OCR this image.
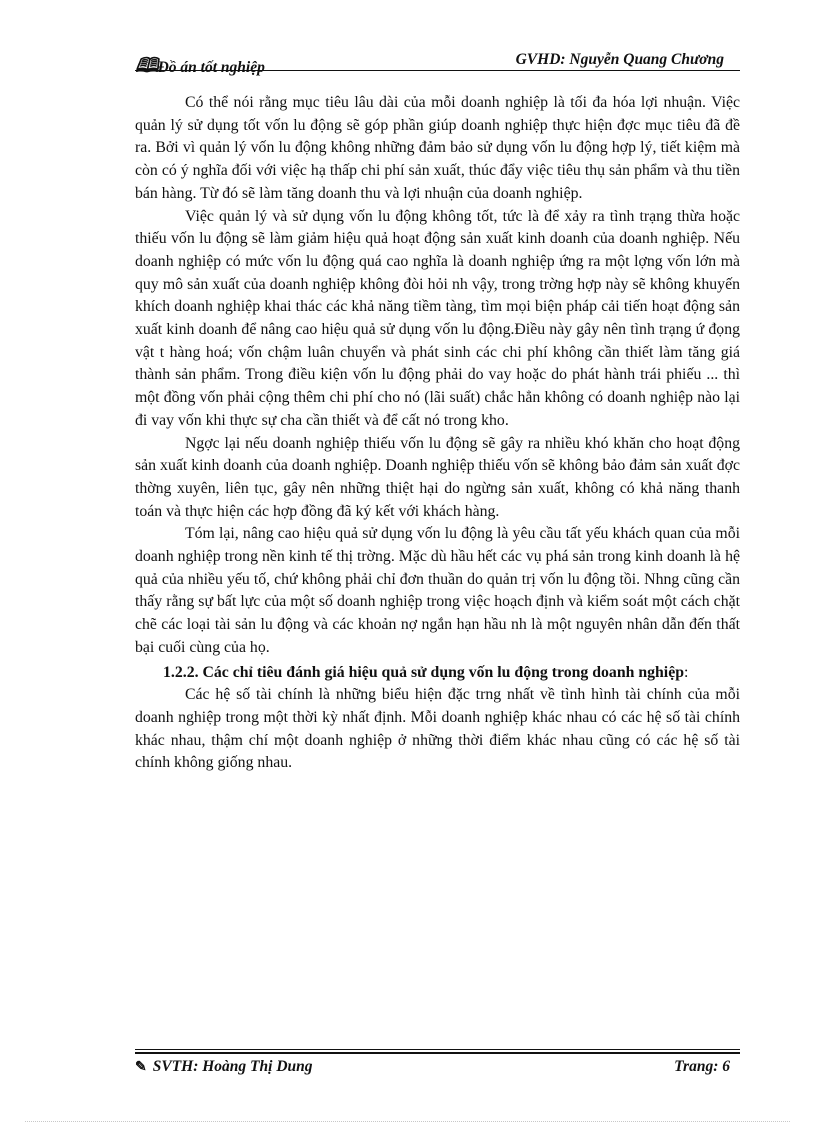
🕮Đồ án tốt nghiệp	GVHD: Nguyễn Quang Chương

Có thể nói rằng mục tiêu lâu dài của mỗi doanh nghiệp là tối đa hóa lợi nhuận. Việc quản lý sử dụng tốt vốn lu động sẽ góp phần giúp doanh nghiệp thực hiện đợc mục tiêu đã đề ra. Bởi vì quản lý vốn lu động không những đảm bảo sử dụng vốn lu động hợp lý, tiết kiệm mà còn có ý nghĩa đối với việc hạ thấp chi phí sản xuất, thúc đẩy việc tiêu thụ sản phẩm và thu tiền bán hàng. Từ đó sẽ làm tăng doanh thu và lợi nhuận của doanh nghiệp.

Việc quản lý và sử dụng vốn lu động không tốt, tức là để xảy ra tình trạng thừa hoặc thiếu vốn lu động sẽ làm giảm hiệu quả hoạt động sản xuất kinh doanh của doanh nghiệp. Nếu doanh nghiệp có mức vốn lu động quá cao nghĩa là doanh nghiệp ứng ra một lợng vốn lớn mà quy mô sản xuất của doanh nghiệp không đòi hỏi nh vậy, trong trờng hợp này sẽ không khuyến khích doanh nghiệp khai thác các khả năng tiềm tàng, tìm mọi biện pháp cải tiến hoạt động sản xuất kinh doanh để nâng cao hiệu quả sử dụng vốn lu động.Điều này gây nên tình trạng ứ đọng vật t hàng hoá; vốn chậm luân chuyển và phát sinh các chi phí không cần thiết làm tăng giá thành sản phẩm. Trong điều kiện vốn lu động phải do vay hoặc do phát hành trái phiếu ... thì một đồng vốn phải cộng thêm chi phí cho nó (lãi suất) chắc hẳn không có doanh nghiệp nào lại đi vay vốn khi thực sự cha cần thiết và để cất nó trong kho.

Ngợc lại nếu doanh nghiệp thiếu vốn lu động sẽ gây ra nhiều khó khăn cho hoạt động sản xuất kinh doanh của doanh nghiệp. Doanh nghiệp thiếu vốn sẽ không bảo đảm sản xuất đợc thờng xuyên, liên tục, gây nên những thiệt hại do ngừng sản xuất, không có khả năng thanh toán và thực hiện các hợp đồng đã ký kết với khách hàng.

Tóm lại, nâng cao hiệu quả sử dụng vốn lu động là yêu cầu tất yếu khách quan của mỗi doanh nghiệp trong nền kinh tế thị trờng. Mặc dù hầu hết các vụ phá sản trong kinh doanh là hệ quả của nhiều yếu tố, chứ không phải chỉ đơn thuần do quản trị vốn lu động tồi. Nhng cũng cần thấy rằng sự bất lực của một số doanh nghiệp trong việc hoạch định và kiểm soát một cách chặt chẽ các loại tài sản lu động và các khoản nợ ngắn hạn hầu nh là một nguyên nhân dẫn đến thất bại cuối cùng của họ.

1.2.2. Các chỉ tiêu đánh giá hiệu quả sử dụng vốn lu động trong doanh nghiệp:

Các hệ số tài chính là những biểu hiện đặc trng nhất về tình hình tài chính của mỗi doanh nghiệp trong một thời kỳ nhất định. Mỗi doanh nghiệp khác nhau có các hệ số tài chính khác nhau, thậm chí một doanh nghiệp ở những thời điểm khác nhau cũng có các hệ số tài chính không giống nhau.

✎ SVTH: Hoàng Thị Dung	Trang: 6
